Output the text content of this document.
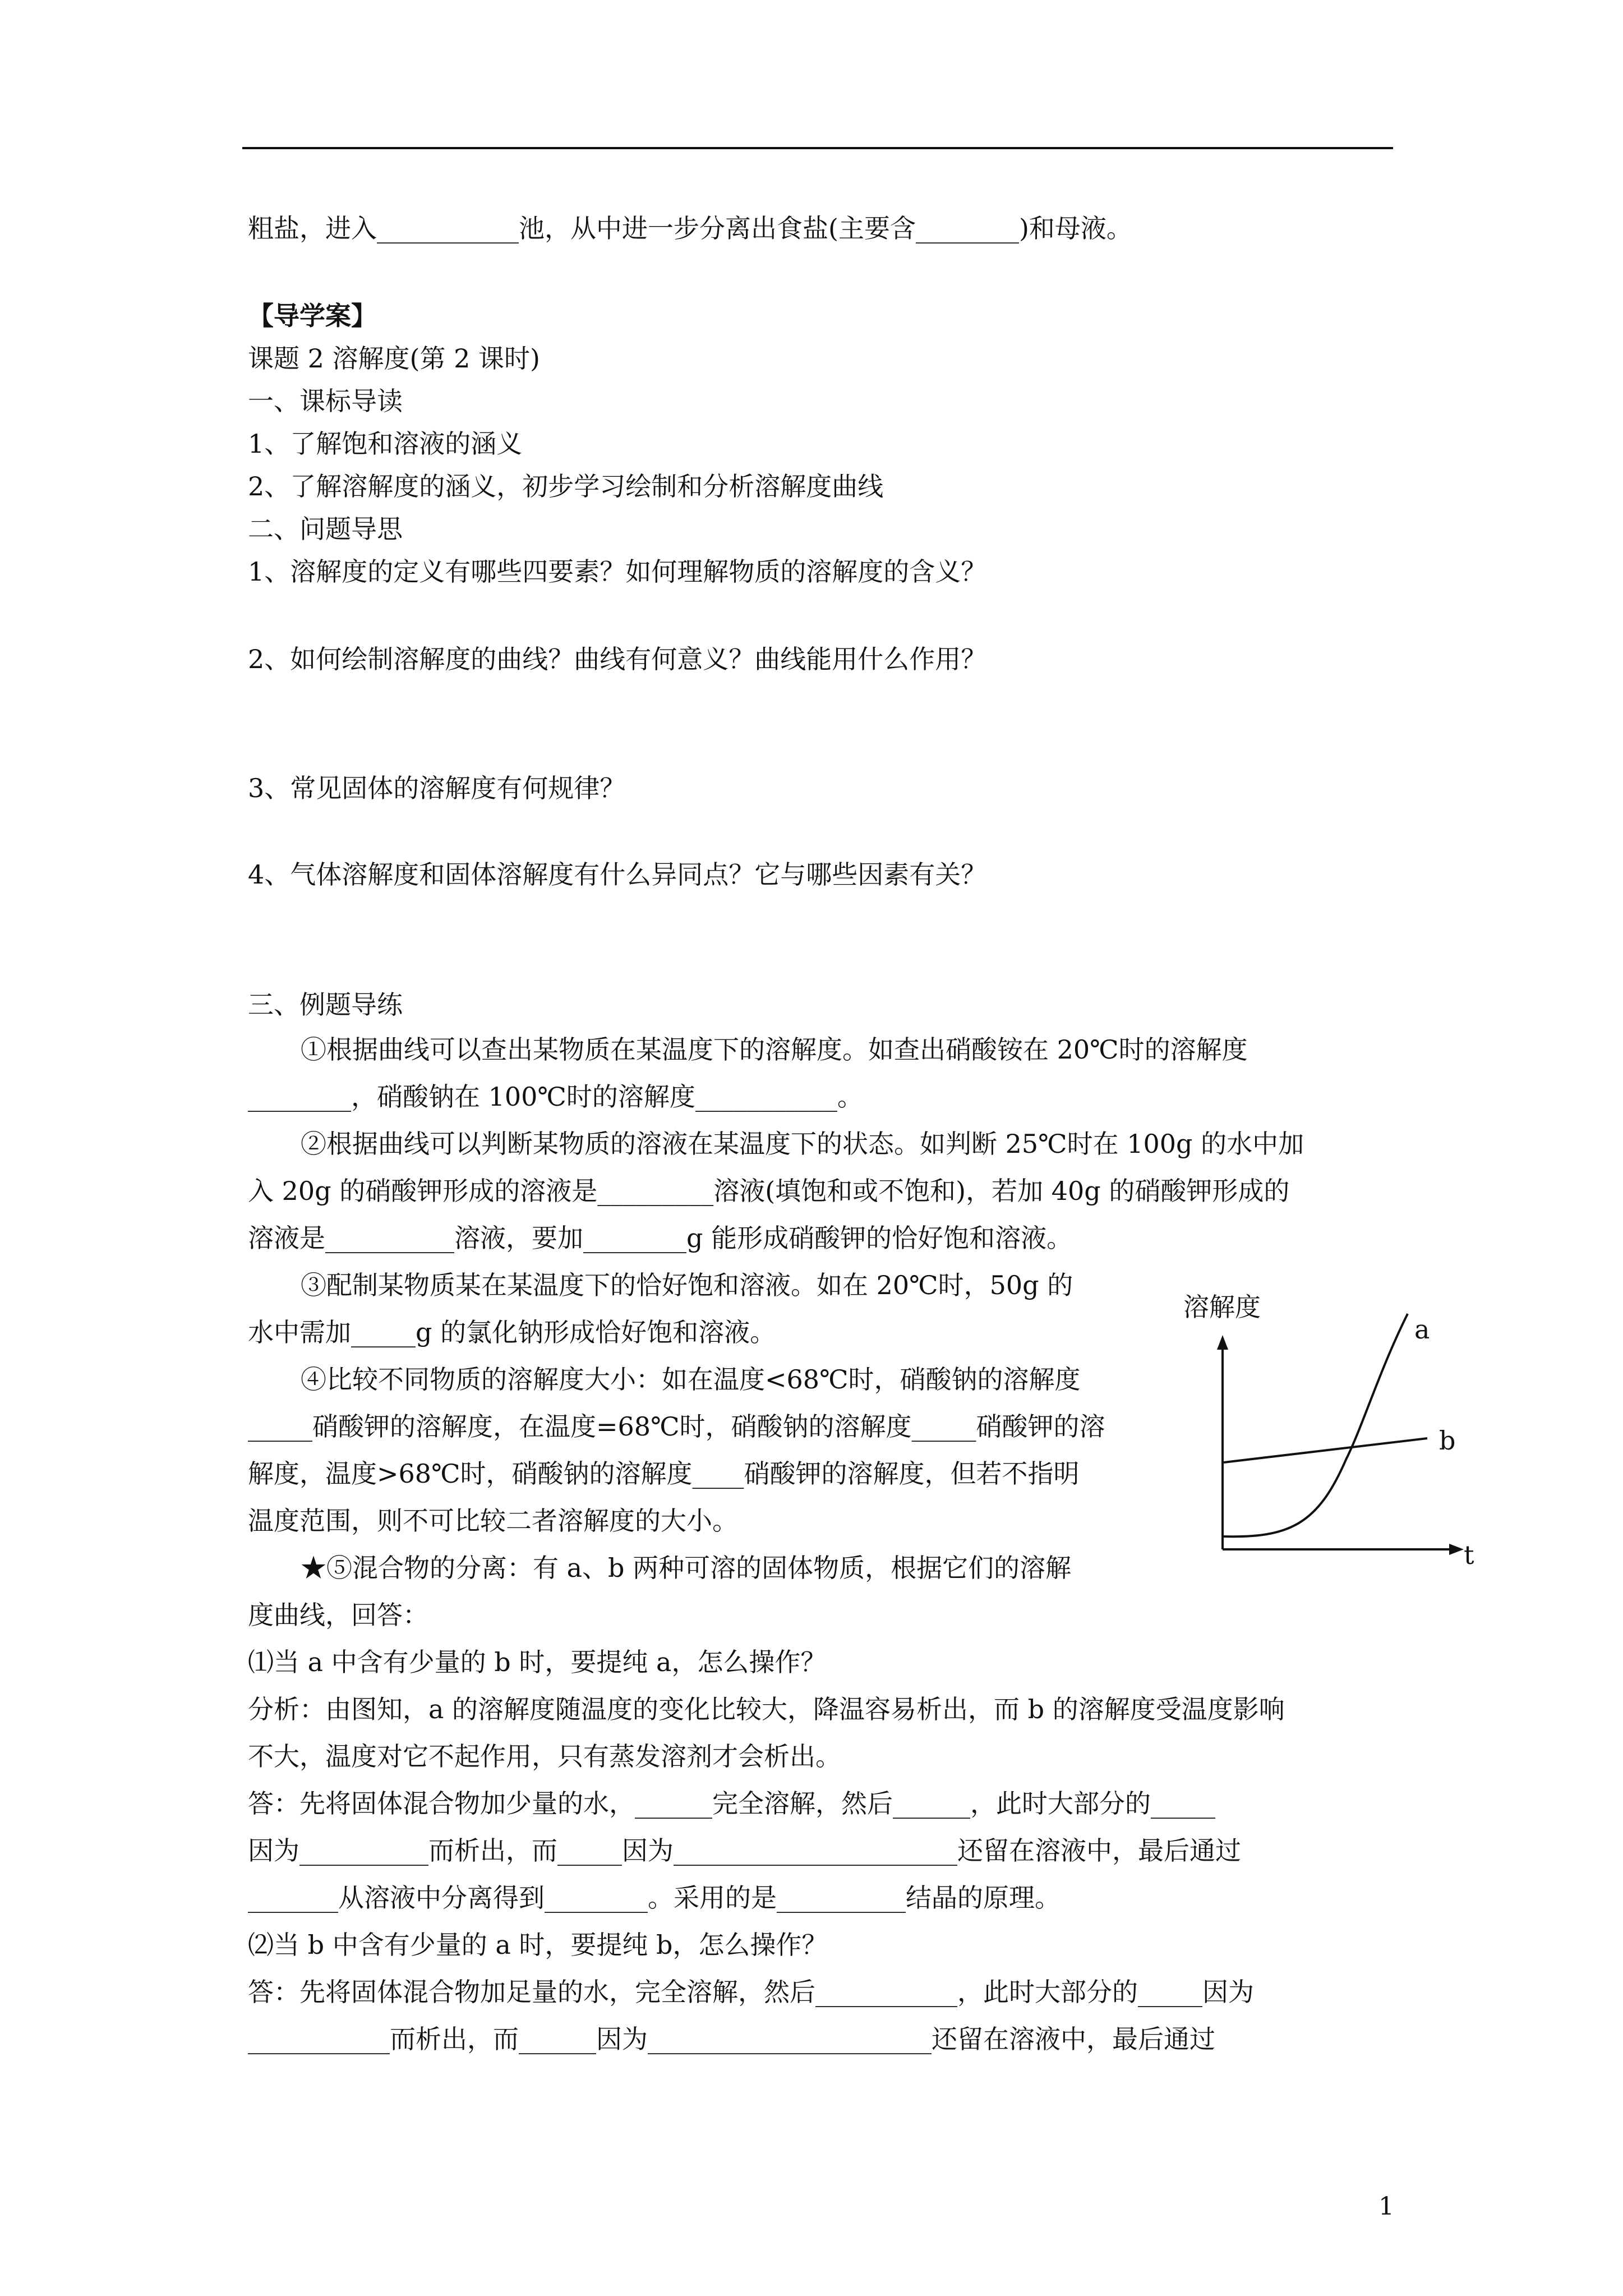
粗盐，进入___________池，从中进一步分离出食盐(主要含________)和母液。
【导学案】
课题 2 溶解度(第 2 课时)
一、课标导读
1、了解饱和溶液的涵义
2、了解溶解度的涵义，初步学习绘制和分析溶解度曲线
二、问题导思
1、溶解度的定义有哪些四要素？如何理解物质的溶解度的含义？
2、如何绘制溶解度的曲线？曲线有何意义？曲线能用什么作用？
3、常见固体的溶解度有何规律？
4、气体溶解度和固体溶解度有什么异同点？它与哪些因素有关？
三、例题导练
①根据曲线可以查出某物质在某温度下的溶解度。如查出硝酸铵在 20℃时的溶解度
________，硝酸钠在 100℃时的溶解度___________。
②根据曲线可以判断某物质的溶液在某温度下的状态。如判断 25℃时在 100g 的水中加
入 20g 的硝酸钾形成的溶液是_________溶液(填饱和或不饱和)，若加 40g 的硝酸钾形成的
溶液是__________溶液，要加________g 能形成硝酸钾的恰好饱和溶液。
③配制某物质某在某温度下的恰好饱和溶液。如在 20℃时，50g 的
水中需加_____g 的氯化钠形成恰好饱和溶液。
④比较不同物质的溶解度大小：如在温度<68℃时，硝酸钠的溶解度
_____硝酸钾的溶解度，在温度=68℃时，硝酸钠的溶解度_____硝酸钾的溶
解度，温度>68℃时，硝酸钠的溶解度____硝酸钾的溶解度，但若不指明
温度范围，则不可比较二者溶解度的大小。
★⑤混合物的分离：有 a、b 两种可溶的固体物质，根据它们的溶解
度曲线，回答：
⑴当 a 中含有少量的 b 时，要提纯 a，怎么操作？
分析：由图知，a 的溶解度随温度的变化比较大，降温容易析出，而 b 的溶解度受温度影响
不大，温度对它不起作用，只有蒸发溶剂才会析出。
答：先将固体混合物加少量的水，______完全溶解，然后______，此时大部分的_____
因为__________而析出，而_____因为______________________还留在溶液中，最后通过
_______从溶液中分离得到________。采用的是__________结晶的原理。
⑵当 b 中含有少量的 a 时，要提纯 b，怎么操作？
答：先将固体混合物加足量的水，完全溶解，然后___________，此时大部分的_____因为
___________而析出，而______因为______________________还留在溶液中，最后通过
溶解度
a
b
t
1
